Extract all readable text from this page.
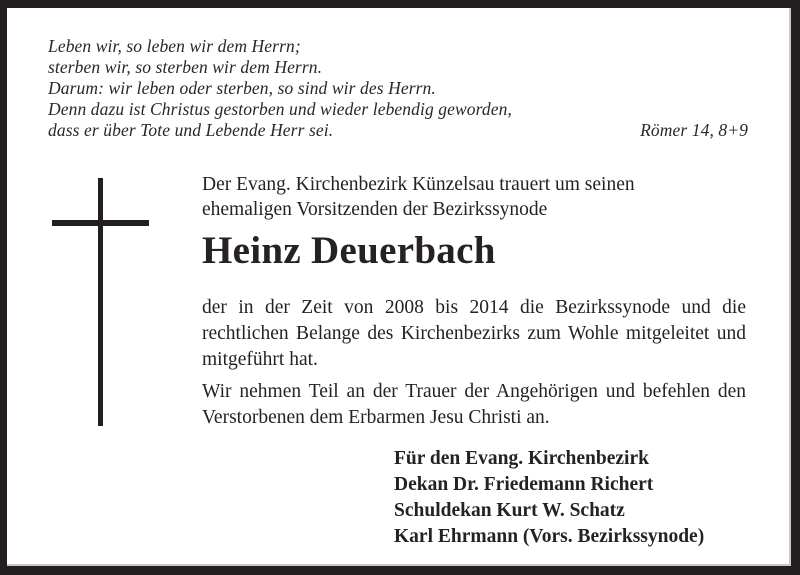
Leben wir, so leben wir dem Herrn;
sterben wir, so sterben wir dem Herrn.
Darum: wir leben oder sterben, so sind wir des Herrn.
Denn dazu ist Christus gestorben und wieder lebendig geworden,
dass er über Tote und Lebende Herr sei.	Römer 14, 8+9
Der Evang. Kirchenbezirk Künzelsau trauert um seinen
ehemaligen Vorsitzenden der Bezirkssynode
Heinz Deuerbach
der in der Zeit von 2008 bis 2014 die Bezirkssynode und die rechtlichen Belange des Kirchenbezirks zum Wohle mitgeleitet und mitgeführt hat.
Wir nehmen Teil an der Trauer der Angehörigen und befehlen den Verstorbenen dem Erbarmen Jesu Christi an.
Für den Evang. Kirchenbezirk
Dekan Dr. Friedemann Richert
Schuldekan Kurt W. Schatz
Karl Ehrmann (Vors. Bezirkssynode)
